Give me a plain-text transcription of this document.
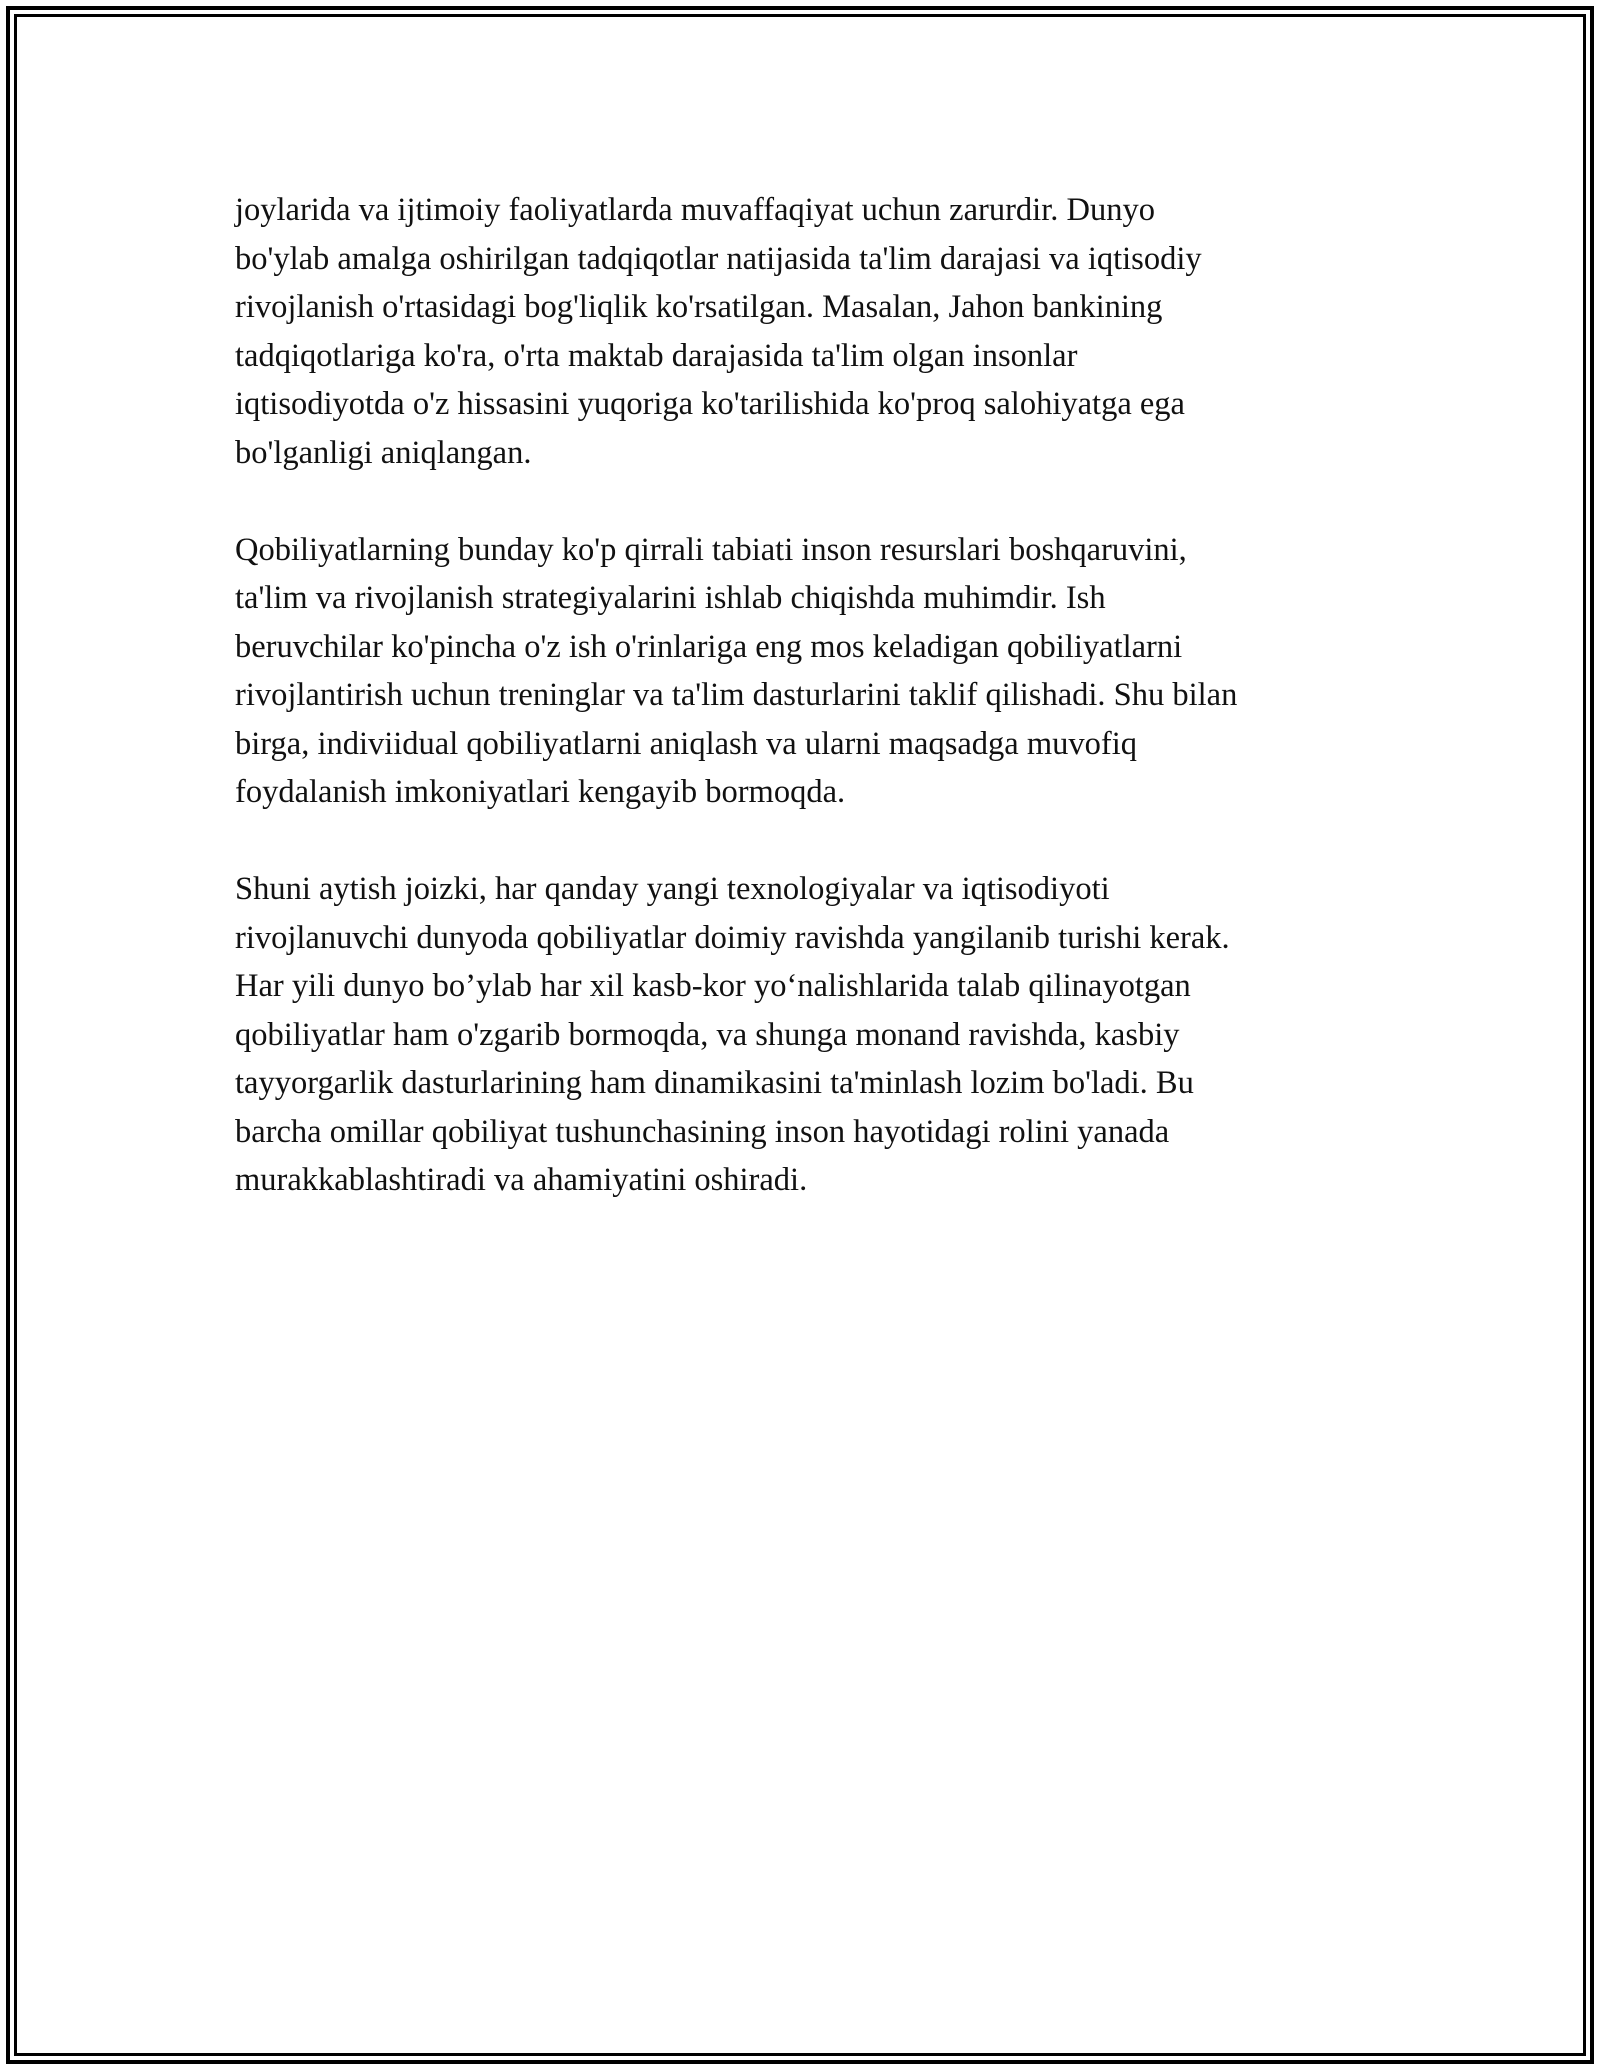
joylarida va ijtimoiy faoliyatlarda muvaffaqiyat uchun zarurdir. Dunyo
bo'ylab amalga oshirilgan tadqiqotlar natijasida ta'lim darajasi va iqtisodiy
rivojlanish o'rtasidagi bog'liqlik ko'rsatilgan. Masalan, Jahon bankining
tadqiqotlariga ko'ra, o'rta maktab darajasida ta'lim olgan insonlar
iqtisodiyotda o'z hissasini yuqoriga ko'tarilishida ko'proq salohiyatga ega
bo'lganligi aniqlangan.
Qobiliyatlarning bunday ko'p qirrali tabiati inson resurslari boshqaruvini,
ta'lim va rivojlanish strategiyalarini ishlab chiqishda muhimdir. Ish
beruvchilar ko'pincha o'z ish o'rinlariga eng mos keladigan qobiliyatlarni
rivojlantirish uchun treninglar va ta'lim dasturlarini taklif qilishadi. Shu bilan
birga, indiviidual qobiliyatlarni aniqlash va ularni maqsadga muvofiq
foydalanish imkoniyatlari kengayib bormoqda.
Shuni aytish joizki, har qanday yangi texnologiyalar va iqtisodiyoti
rivojlanuvchi dunyoda qobiliyatlar doimiy ravishda yangilanib turishi kerak.
Har yili dunyo bo’ylab har xil kasb-kor yo‘nalishlarida talab qilinayotgan
qobiliyatlar ham o'zgarib bormoqda, va shunga monand ravishda, kasbiy
tayyorgarlik dasturlarining ham dinamikasini ta'minlash lozim bo'ladi. Bu
barcha omillar qobiliyat tushunchasining inson hayotidagi rolini yanada
murakkablashtiradi va ahamiyatini oshiradi.
